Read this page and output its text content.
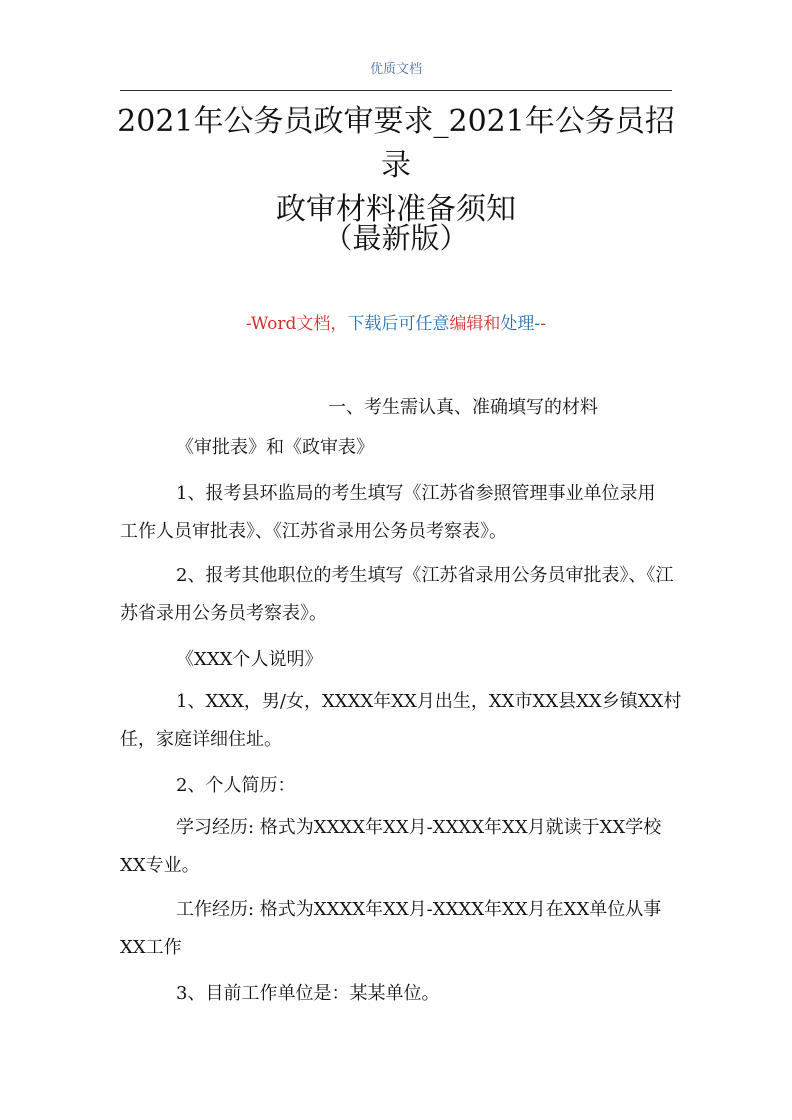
优质文档
2021年公务员政审要求_2021年公务员招录
政审材料准备须知
（最新版）
-Word文档，下载后可任意编辑和处理--
一、考生需认真、准确填写的材料
《审批表》和《政审表》
1、报考县环监局的考生填写《江苏省参照管理事业单位录用
工作人员审批表》、《江苏省录用公务员考察表》。
2、报考其他职位的考生填写《江苏省录用公务员审批表》、《江
苏省录用公务员考察表》。
《XXX个人说明》
1、XXX，男/女，XXXX年XX月出生，XX市XX县XX乡镇XX村
任，家庭详细住址。
2、个人简历：
学习经历: 格式为XXXX年XX月-XXXX年XX月就读于XX学校
XX专业。
工作经历: 格式为XXXX年XX月-XXXX年XX月在XX单位从事
XX工作
3、目前工作单位是：某某单位。
